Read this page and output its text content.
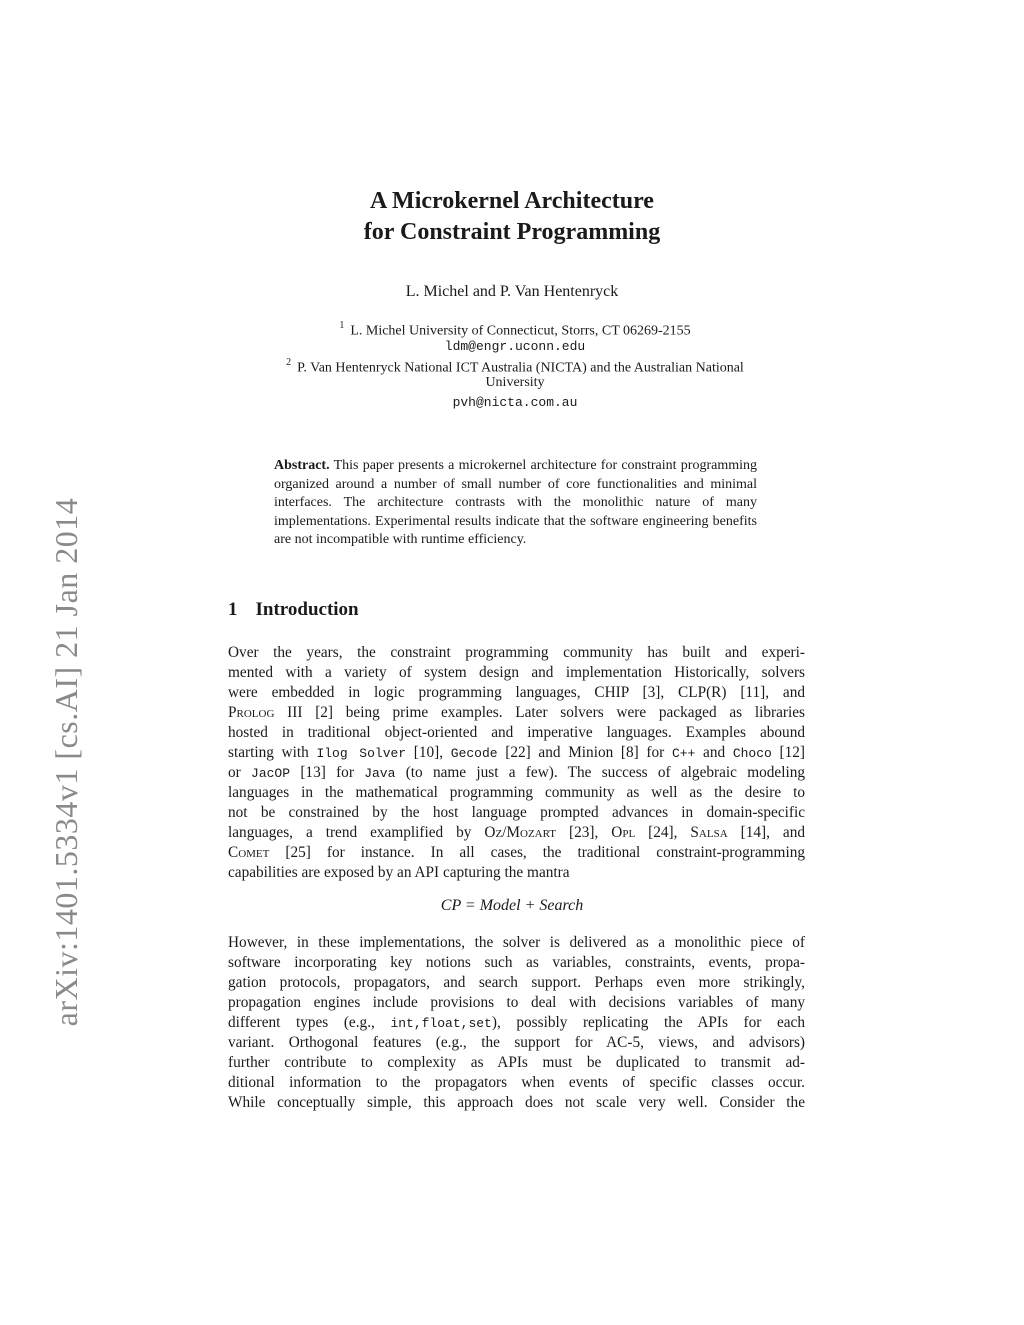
arXiv:1401.5334v1 [cs.AI] 21 Jan 2014
A Microkernel Architecture
for Constraint Programming
L. Michel and P. Van Hentenryck
$^1$ L. Michel University of Connecticut, Storrs, CT 06269-2155
ldm@engr.uconn.edu
$^2$ P. Van Hentenryck National ICT Australia (NICTA) and the Australian National
University
pvh@nicta.com.au
Abstract. This paper presents a microkernel architecture for constraint programming organized around a number of small number of core functionalities and minimal interfaces. The architecture contrasts with the monolithic nature of many implementations. Experimental results indicate that the software engineering benefits are not incompatible with runtime efficiency.
1 Introduction
Over the years, the constraint programming community has built and experi-
mented with a variety of system design and implementation Historically, solvers
were embedded in logic programming languages, CHIP [3], CLP(R) [11], and
Prolog III [2] being prime examples. Later solvers were packaged as libraries
hosted in traditional object-oriented and imperative languages. Examples abound
starting with Ilog Solver [10], Gecode [22] and Minion [8] for C++ and Choco [12]
or JacOP [13] for Java (to name just a few). The success of algebraic modeling
languages in the mathematical programming community as well as the desire to
not be constrained by the host language prompted advances in domain-specific
languages, a trend examplified by Oz/Mozart [23], Opl [24], Salsa [14], and
Comet [25] for instance. In all cases, the traditional constraint-programming
capabilities are exposed by an API capturing the mantra
CP = Model + Search
However, in these implementations, the solver is delivered as a monolithic piece of
software incorporating key notions such as variables, constraints, events, propa-
gation protocols, propagators, and search support. Perhaps even more strikingly,
propagation engines include provisions to deal with decisions variables of many
different types (e.g., int,float,set), possibly replicating the APIs for each
variant. Orthogonal features (e.g., the support for AC-5, views, and advisors)
further contribute to complexity as APIs must be duplicated to transmit ad-
ditional information to the propagators when events of specific classes occur.
While conceptually simple, this approach does not scale very well. Consider the
